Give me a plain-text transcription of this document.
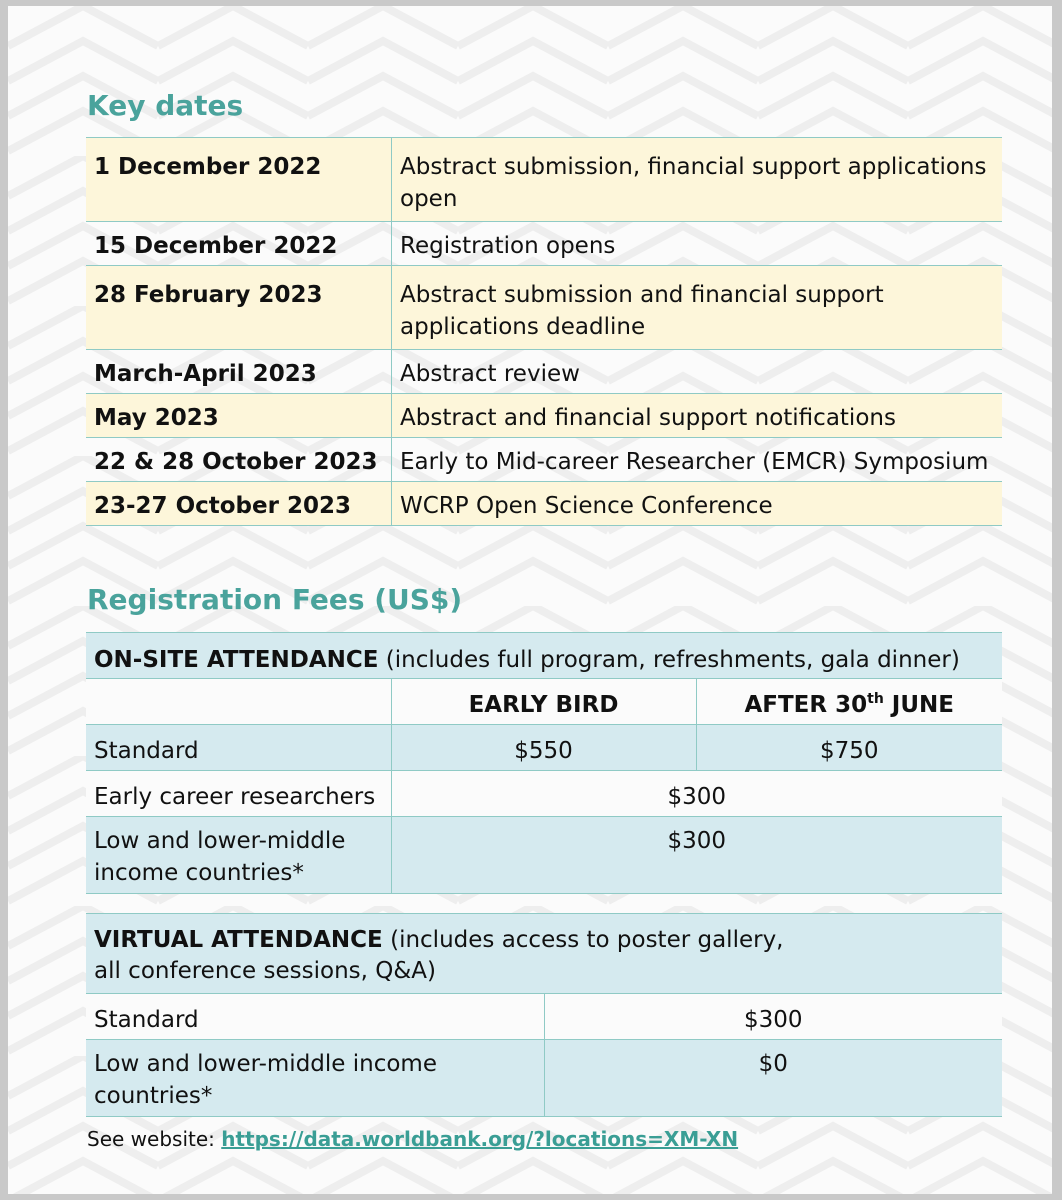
Key dates
1 December 2022	Abstract submission, financial support applications open
15 December 2022	Registration opens
28 February 2023	Abstract submission and financial support applications deadline
March-April 2023	Abstract review
May 2023	Abstract and financial support notifications
22 & 28 October 2023	Early to Mid-career Researcher (EMCR) Symposium
23-27 October 2023	WCRP Open Science Conference
Registration Fees (US$)
ON-SITE ATTENDANCE (includes full program, refreshments, gala dinner)		
	EARLY BIRD	AFTER 30th JUNE
Standard	$550	$750
Early career researchers	$300	
Low and lower-middle
income countries*	$300	
VIRTUAL ATTENDANCE (includes access to poster gallery,
all conference sessions, Q&A)	
Standard	$300
Low and lower-middle income
countries*	$0
See website: https://data.worldbank.org/?locations=XM-XN
